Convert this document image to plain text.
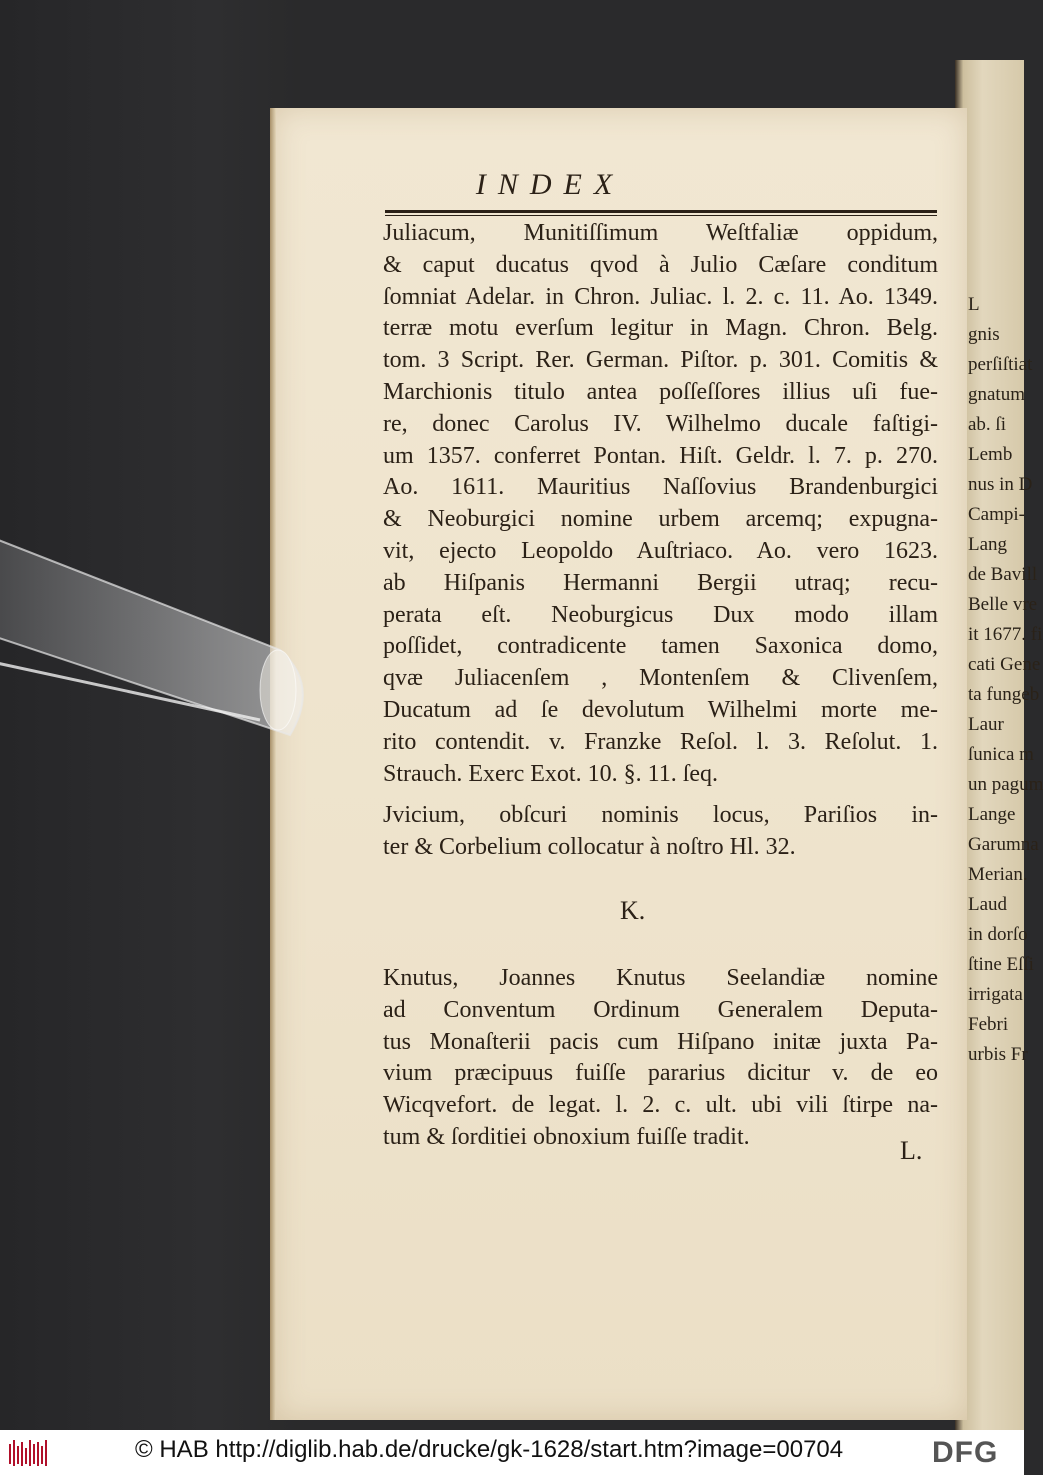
L
gnis
perſiſtiat
gnatum
ab. ſi
Lemb
nus in D
Campi-
Lang
de Bavill
Belle vre
it 1677. fi
cati Gene
ta fungeb
Laur
ſunica m
un pagum
Lange
Garumna
Merian.
Laud
in dorſo
ſtine Eſſi
irrigata
Febri
urbis Fr
INDEX
Juliacum, Munitiſſimum Weſtfaliæ oppidum,
& caput ducatus qvod à Julio Cæſare conditum
ſomniat Adelar. in Chron. Juliac. l. 2. c. 11. Ao. 1349.
terræ motu everſum legitur in Magn. Chron. Belg.
tom. 3 Script. Rer. German. Piſtor. p. 301. Comitis &
Marchionis titulo antea poſſeſſores illius uſi fue-
re, donec Carolus IV. Wilhelmo ducale faſtigi-
um 1357. conferret Pontan. Hiſt. Geldr. l. 7. p. 270.
Ao. 1611. Mauritius Naſſovius Brandenburgici
& Neoburgici nomine urbem arcemq; expugna-
vit, ejecto Leopoldo Auſtriaco. Ao. vero 1623.
ab Hiſpanis Hermanni Bergii utraq; recu-
perata eſt. Neoburgicus Dux modo illam
poſſidet, contradicente tamen Saxonica domo,
qvæ Juliacenſem , Montenſem & Clivenſem,
Ducatum ad ſe devolutum Wilhelmi morte me-
rito contendit. v. Franzke Reſol. l. 3. Reſolut. 1.
Strauch. Exerc Exot. 10. §. 11. ſeq.
Jvicium, obſcuri nominis locus, Pariſios in-
ter & Corbelium collocatur à noſtro Hl. 32.
K.
Knutus, Joannes Knutus Seelandiæ nomine
ad Conventum Ordinum Generalem Deputa-
tus Monaſterii pacis cum Hiſpano initæ juxta Pa-
vium præcipuus fuiſſe pararius dicitur v. de eo
Wicqvefort. de legat. l. 2. c. ult. ubi vili ſtirpe na-
tum & ſorditiei obnoxium fuiſſe tradit.	L.
© HAB http://diglib.hab.de/drucke/gk-1628/start.htm?image=00704	DFG
